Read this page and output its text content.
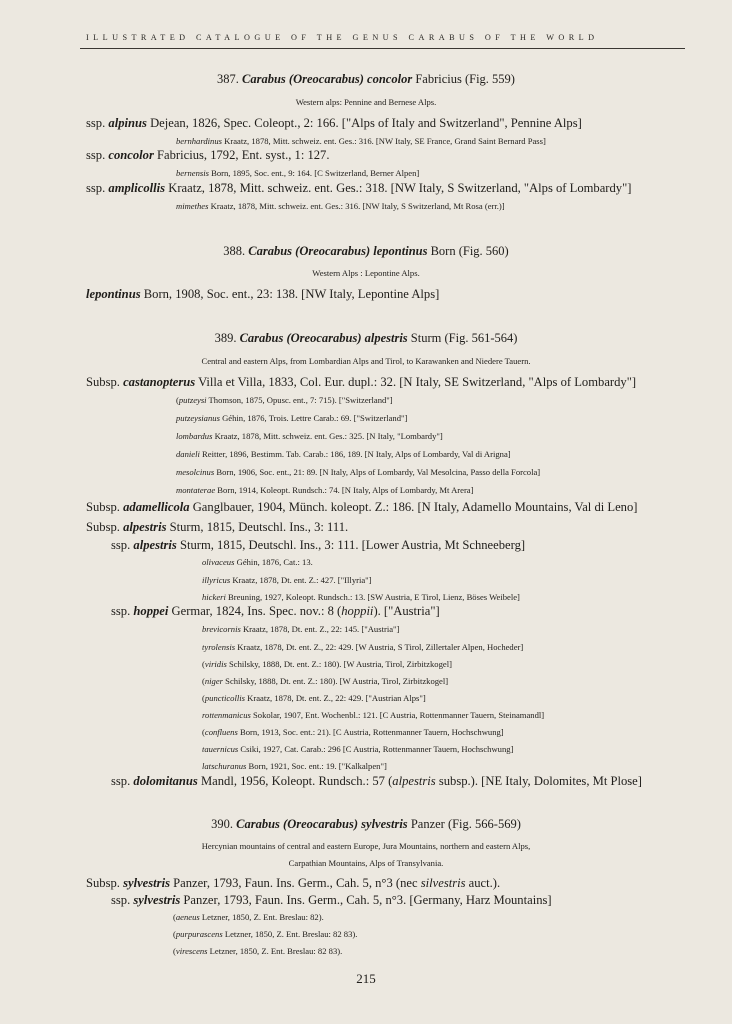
ILLUSTRATED CATALOGUE OF THE GENUS CARABUS OF THE WORLD
387. Carabus (Oreocarabus) concolor Fabricius (Fig. 559)
Western alps: Pennine and Bernese Alps.
ssp. alpinus Dejean, 1826, Spec. Coleopt., 2: 166. ["Alps of Italy and Switzerland", Pennine Alps]
bernhardinus Kraatz, 1878, Mitt. schweiz. ent. Ges.: 316. [NW Italy, SE France, Grand Saint Bernard Pass]
ssp. concolor Fabricius, 1792, Ent. syst., 1: 127.
bernensis Born, 1895, Soc. ent., 9: 164. [C Switzerland, Berner Alpen]
ssp. amplicollis Kraatz, 1878, Mitt. schweiz. ent. Ges.: 318. [NW Italy, S Switzerland, "Alps of Lombardy"]
mimethes Kraatz, 1878, Mitt. schweiz. ent. Ges.: 316. [NW Italy, S Switzerland, Mt Rosa (err.)]
388. Carabus (Oreocarabus) lepontinus Born (Fig. 560)
Western Alps : Lepontine Alps.
lepontinus Born, 1908, Soc. ent., 23: 138. [NW Italy, Lepontine Alps]
389. Carabus (Oreocarabus) alpestris Sturm (Fig. 561-564)
Central and eastern Alps, from Lombardian Alps and Tirol, to Karawanken and Niedere Tauern.
Subsp. castanopterus Villa et Villa, 1833, Col. Eur. dupl.: 32. [N Italy, SE Switzerland, "Alps of Lombardy"]
(putzeysi Thomson, 1875, Opusc. ent., 7: 715). ["Switzerland"]
putzeysianus Géhin, 1876, Trois. Lettre Carab.: 69. ["Switzerland"]
lombardus Kraatz, 1878, Mitt. schweiz. ent. Ges.: 325. [N Italy, "Lombardy"]
danieli Reitter, 1896, Bestimm. Tab. Carab.: 186, 189. [N Italy, Alps of Lombardy, Val di Arigna]
mesolcinus Born, 1906, Soc. ent., 21: 89. [N Italy, Alps of Lombardy, Val Mesolcina, Passo della Forcola]
montaterae Born, 1914, Koleopt. Rundsch.: 74. [N Italy, Alps of Lombardy, Mt Arera]
Subsp. adamellicola Ganglbauer, 1904, Münch. koleopt. Z.: 186. [N Italy, Adamello Mountains, Val di Leno]
Subsp. alpestris Sturm, 1815, Deutschl. Ins., 3: 111.
ssp. alpestris Sturm, 1815, Deutschl. Ins., 3: 111. [Lower Austria, Mt Schneeberg]
olivaceus Géhin, 1876, Cat.: 13.
illyricus Kraatz, 1878, Dt. ent. Z.: 427. ["Illyria"]
hickeri Breuning, 1927, Koleopt. Rundsch.: 13. [SW Austria, E Tirol, Lienz, Böses Weibele]
ssp. hoppei Germar, 1824, Ins. Spec. nov.: 8 (hoppii). ["Austria"]
brevicornis Kraatz, 1878, Dt. ent. Z., 22: 145. ["Austria"]
tyrolensis Kraatz, 1878, Dt. ent. Z., 22: 429. [W Austria, S Tirol, Zillertaler Alpen, Hocheder]
(viridis Schilsky, 1888, Dt. ent. Z.: 180). [W Austria, Tirol, Zirbitzkogel]
(niger Schilsky, 1888, Dt. ent. Z.: 180). [W Austria, Tirol, Zirbitzkogel]
(puncticollis Kraatz, 1878, Dt. ent. Z., 22: 429. ["Austrian Alps"]
rottenmanicus Sokolar, 1907, Ent. Wochenbl.: 121. [C Austria, Rottenmanner Tauern, Steinamandl]
(confluens Born, 1913, Soc. ent.: 21). [C Austria, Rottenmanner Tauern, Hochschwung]
tauernicus Csiki, 1927, Cat. Carab.: 296 [C Austria, Rottenmanner Tauern, Hochschwung]
latschuranus Born, 1921, Soc. ent.: 19. ["Kalkalpen"]
ssp. dolomitanus Mandl, 1956, Koleopt. Rundsch.: 57 (alpestris subsp.). [NE Italy, Dolomites, Mt Plose]
390. Carabus (Oreocarabus) sylvestris Panzer (Fig. 566-569)
Hercynian mountains of central and eastern Europe, Jura Mountains, northern and eastern Alps,
Carpathian Mountains, Alps of Transylvania.
Subsp. sylvestris Panzer, 1793, Faun. Ins. Germ., Cah. 5, n°3 (nec silvestris auct.).
ssp. sylvestris Panzer, 1793, Faun. Ins. Germ., Cah. 5, n°3. [Germany, Harz Mountains]
(aeneus Letzner, 1850, Z. Ent. Breslau: 82).
(purpurascens Letzner, 1850, Z. Ent. Breslau: 82 83).
(virescens Letzner, 1850, Z. Ent. Breslau: 82 83).
215
